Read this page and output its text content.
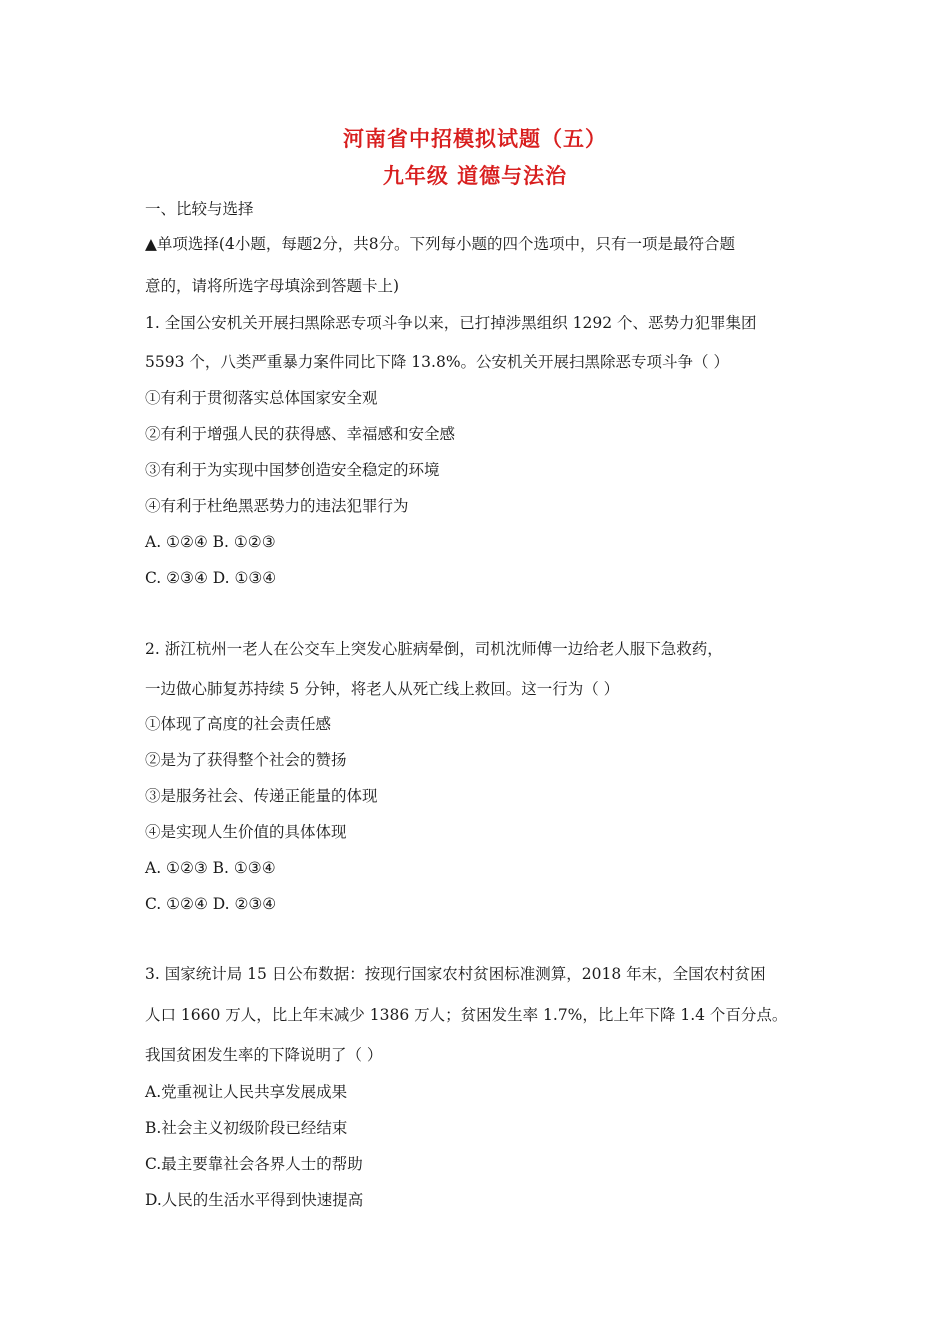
河南省中招模拟试题（五）
九年级 道德与法治
一、比较与选择
▲单项选择(4小题，每题2分，共8分。下列每小题的四个选项中，只有一项是最符合题
意的，请将所选字母填涂到答题卡上)
1. 全国公安机关开展扫黑除恶专项斗争以来，已打掉涉黑组织 1292 个、恶势力犯罪集团
5593 个，八类严重暴力案件同比下降 13.8%。公安机关开展扫黑除恶专项斗争（ ）
①有利于贯彻落实总体国家安全观
②有利于增强人民的获得感、幸福感和安全感
③有利于为实现中国梦创造安全稳定的环境
④有利于杜绝黑恶势力的违法犯罪行为
A. ①②④ B. ①②③
C. ②③④ D. ①③④
2. 浙江杭州一老人在公交车上突发心脏病晕倒，司机沈师傅一边给老人服下急救药，
一边做心肺复苏持续 5 分钟，将老人从死亡线上救回。这一行为（ ）
①体现了高度的社会责任感
②是为了获得整个社会的赞扬
③是服务社会、传递正能量的体现
④是实现人生价值的具体体现
A. ①②③ B. ①③④
C. ①②④ D. ②③④
3. 国家统计局 15 日公布数据：按现行国家农村贫困标准测算，2018 年末，全国农村贫困
人口 1660 万人，比上年末减少 1386 万人；贫困发生率 1.7%，比上年下降 1.4 个百分点。
我国贫困发生率的下降说明了（ ）
A.党重视让人民共享发展成果
B.社会主义初级阶段已经结束
C.最主要靠社会各界人士的帮助
D.人民的生活水平得到快速提高
